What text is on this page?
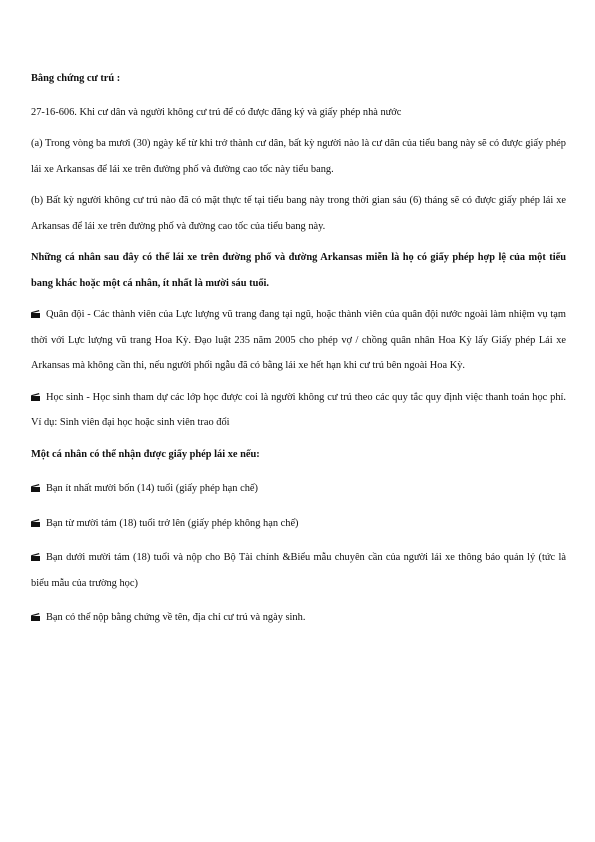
Bằng chứng cư trú :

27-16-606. Khi cư dân và người không cư trú để có được đăng ký và giấy phép nhà nước

(a) Trong vòng ba mươi (30) ngày kể từ khi trở thành cư dân, bất kỳ người nào là cư dân của tiểu bang này sẽ có được giấy phép lái xe Arkansas để lái xe trên đường phố và đường cao tốc này tiểu bang.

(b) Bất kỳ người không cư trú nào đã có mặt thực tế tại tiểu bang này trong thời gian sáu (6) tháng sẽ có được giấy phép lái xe Arkansas để lái xe trên đường phố và đường cao tốc của tiểu bang này.

Những cá nhân sau đây có thể lái xe trên đường phố và đường Arkansas miễn là họ có giấy phép hợp lệ của một tiểu bang khác hoặc một cá nhân, ít nhất là mười sáu tuổi.

Quân đội - Các thành viên của Lực lượng vũ trang đang tại ngũ, hoặc thành viên của quân đội nước ngoài làm nhiệm vụ tạm thời với Lực lượng vũ trang Hoa Kỳ. Đạo luật 235 năm 2005 cho phép vợ / chồng quân nhân Hoa Kỳ lấy Giấy phép Lái xe Arkansas mà không cần thi, nếu người phối ngẫu đã có bằng lái xe hết hạn khi cư trú bên ngoài Hoa Kỳ.

Học sinh - Học sinh tham dự các lớp học được coi là người không cư trú theo các quy tắc quy định việc thanh toán học phí. Ví dụ: Sinh viên đại học hoặc sinh viên trao đổi

Một cá nhân có thể nhận được giấy phép lái xe nếu:

Bạn ít nhất mười bốn (14) tuổi (giấy phép hạn chế)

Bạn từ mười tám (18) tuổi trở lên (giấy phép không hạn chế)

Bạn dưới mười tám (18) tuổi và nộp cho Bộ Tài chính &Biểu mẫu chuyên cần của người lái xe thông báo quản lý (tức là biểu mẫu của trường học)

Bạn có thể nộp bằng chứng về tên, địa chỉ cư trú và ngày sinh.
